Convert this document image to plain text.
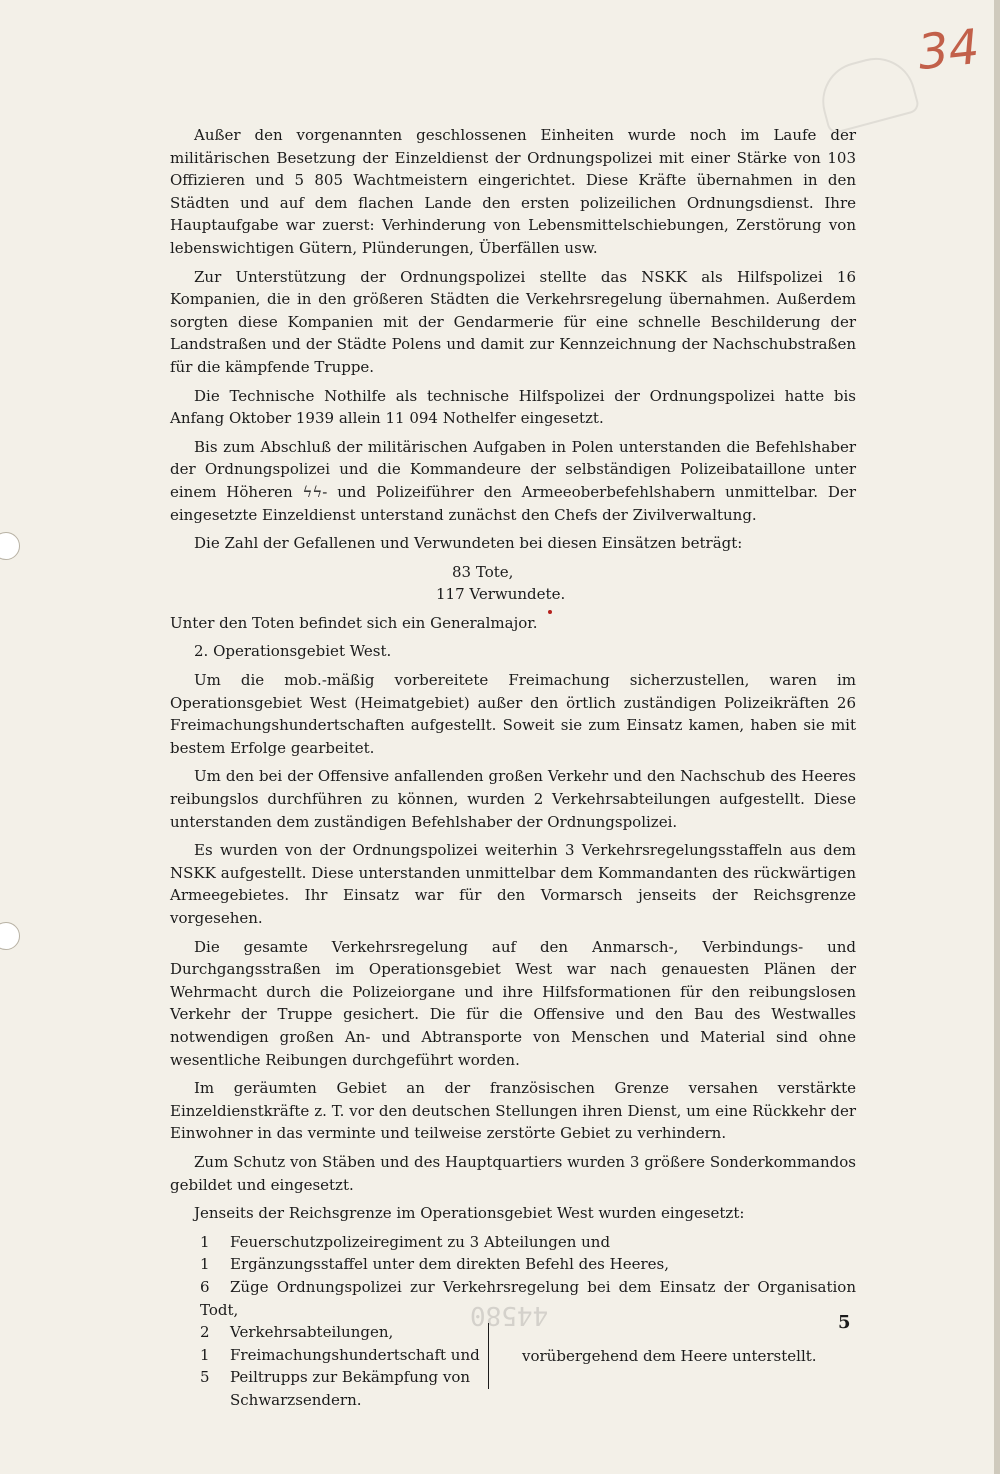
34
44580

Außer den vorgenannten geschlossenen Einheiten wurde noch im Laufe der militärischen Besetzung der Einzeldienst der Ordnungspolizei mit einer Stärke von 103 Offizieren und 5 805 Wachtmeistern eingerichtet. Diese Kräfte übernahmen in den Städten und auf dem flachen Lande den ersten polizeilichen Ordnungsdienst. Ihre Hauptaufgabe war zuerst: Verhinderung von Lebensmittelschiebungen, Zerstörung von lebenswichtigen Gütern, Plünderungen, Überfällen usw.

Zur Unterstützung der Ordnungspolizei stellte das NSKK als Hilfspolizei 16 Kompanien, die in den größeren Städten die Verkehrsregelung übernahmen. Außerdem sorgten diese Kompanien mit der Gendarmerie für eine schnelle Beschilderung der Landstraßen und der Städte Polens und damit zur Kennzeichnung der Nachschubstraßen für die kämpfende Truppe.

Die Technische Nothilfe als technische Hilfspolizei der Ordnungspolizei hatte bis Anfang Oktober 1939 allein 11 094 Nothelfer eingesetzt.

Bis zum Abschluß der militärischen Aufgaben in Polen unterstanden die Befehlshaber der Ordnungspolizei und die Kommandeure der selbständigen Polizeibataillone unter einem Höheren ϟϟ- und Polizeiführer den Armeeoberbefehlshabern unmittelbar. Der eingesetzte Einzeldienst unterstand zunächst den Chefs der Zivilverwaltung.

Die Zahl der Gefallenen und Verwundeten bei diesen Einsätzen beträgt:

83 Tote,
117 Verwundete.

Unter den Toten befindet sich ein Generalmajor.

2. Operationsgebiet West.

Um die mob.-mäßig vorbereitete Freimachung sicherzustellen, waren im Operationsgebiet West (Heimatgebiet) außer den örtlich zuständigen Polizeikräften 26 Freimachungshundertschaften aufgestellt. Soweit sie zum Einsatz kamen, haben sie mit bestem Erfolge gearbeitet.

Um den bei der Offensive anfallenden großen Verkehr und den Nachschub des Heeres reibungslos durchführen zu können, wurden 2 Verkehrsabteilungen aufgestellt. Diese unterstanden dem zuständigen Befehlshaber der Ordnungspolizei.

Es wurden von der Ordnungspolizei weiterhin 3 Verkehrsregelungsstaffeln aus dem NSKK aufgestellt. Diese unterstanden unmittelbar dem Kommandanten des rückwärtigen Armeegebietes. Ihr Einsatz war für den Vormarsch jenseits der Reichsgrenze vorgesehen.

Die gesamte Verkehrsregelung auf den Anmarsch-, Verbindungs- und Durchgangsstraßen im Operationsgebiet West war nach genauesten Plänen der Wehrmacht durch die Polizeiorgane und ihre Hilfsformationen für den reibungslosen Verkehr der Truppe gesichert. Die für die Offensive und den Bau des Westwalles notwendigen großen An- und Abtransporte von Menschen und Material sind ohne wesentliche Reibungen durchgeführt worden.

Im geräumten Gebiet an der französischen Grenze versahen verstärkte Einzeldienstkräfte z. T. vor den deutschen Stellungen ihren Dienst, um eine Rückkehr der Einwohner in das verminte und teilweise zerstörte Gebiet zu verhindern.

Zum Schutz von Stäben und des Hauptquartiers wurden 3 größere Sonderkommandos gebildet und eingesetzt.

Jenseits der Reichsgrenze im Operationsgebiet West wurden eingesetzt:

1 Feuerschutzpolizeiregiment zu 3 Abteilungen und
1 Ergänzungsstaffel unter dem direkten Befehl des Heeres,
6 Züge Ordnungspolizei zur Verkehrsregelung bei dem Einsatz der Organisation Todt,
2 Verkehrsabteilungen,
1 Freimachungshundertschaft und
5 Peiltrupps zur Bekämpfung von
Schwarzsendern.
vorübergehend dem Heere unterstellt.
5
